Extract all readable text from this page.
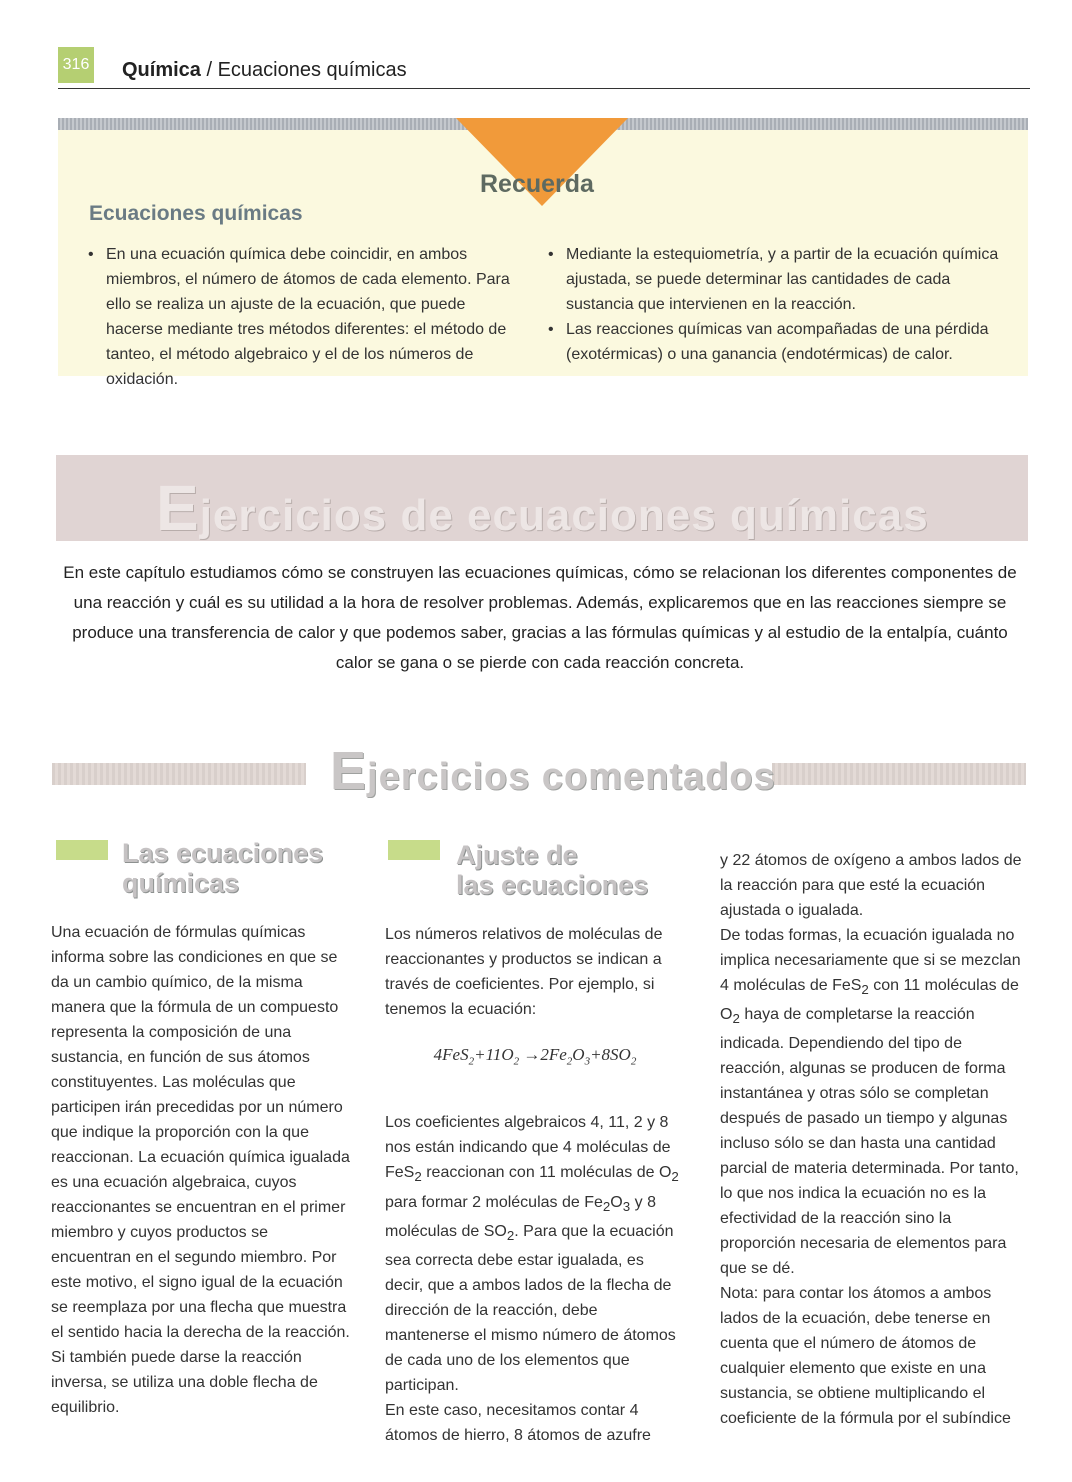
316 Química / Ecuaciones químicas
Recuerda
Ecuaciones químicas
• En una ecuación química debe coincidir, en ambos miembros, el número de átomos de cada elemento. Para ello se realiza un ajuste de la ecuación, que puede hacerse mediante tres métodos diferentes: el método de tanteo, el método algebraico y el de los números de oxidación.
• Mediante la estequiometría, y a partir de la ecuación química ajustada, se puede determinar las cantidades de cada sustancia que intervienen en la reacción.
• Las reacciones químicas van acompañadas de una pérdida (exotérmicas) o una ganancia (endotérmicas) de calor.
Ejercicios de ecuaciones químicas
En este capítulo estudiamos cómo se construyen las ecuaciones químicas, cómo se relacionan los diferentes componentes de una reacción y cuál es su utilidad a la hora de resolver problemas. Además, explicaremos que en las reacciones siempre se produce una transferencia de calor y que podemos saber, gracias a las fórmulas químicas y al estudio de la entalpía, cuánto calor se gana o se pierde con cada reacción concreta.
Ejercicios comentados
Las ecuaciones
químicas

Una ecuación de fórmulas químicas informa sobre las condiciones en que se da un cambio químico, de la misma manera que la fórmula de un compuesto representa la composición de una sustancia, en función de sus átomos constituyentes. Las moléculas que participen irán precedidas por un número que indique la proporción con la que reaccionan. La ecuación química igualada es una ecuación algebraica, cuyos reaccionantes se encuentran en el primer miembro y cuyos productos se encuentran en el segundo miembro. Por este motivo, el signo igual de la ecuación se reemplaza por una flecha que muestra el sentido hacia la derecha de la reacción. Si también puede darse la reacción inversa, se utiliza una doble flecha de equilibrio.

Ajuste de
las ecuaciones

Los números relativos de moléculas de reaccionantes y productos se indican a través de coeficientes. Por ejemplo, si tenemos la ecuación:

$4FeS_2+11O_2 \to 2Fe_2O_3+8SO_2$

Los coeficientes algebraicos 4, 11, 2 y 8 nos están indicando que 4 moléculas de FeS$_2$ reaccionan con 11 moléculas de $O_2$ para formar 2 moléculas de $Fe_2O_3$ y 8 moléculas de $SO_2$. Para que la ecuación sea correcta debe estar igualada, es decir, que a ambos lados de la flecha de dirección de la reacción, debe mantenerse el mismo número de átomos de cada uno de los elementos que participan.

En este caso, necesitamos contar 4 átomos de hierro, 8 átomos de azufre

y 22 átomos de oxígeno a ambos lados de la reacción para que esté la ecuación ajustada o igualada.

De todas formas, la ecuación igualada no implica necesariamente que si se mezclan 4 moléculas de FeS$_2$ con 11 moléculas de $O_2$ haya de completarse la reacción indicada. Dependiendo del tipo de reacción, algunas se producen de forma instantánea y otras sólo se completan después de pasado un tiempo y algunas incluso sólo se dan hasta una cantidad parcial de materia determinada. Por tanto, lo que nos indica la ecuación no es la efectividad de la reacción sino la proporción necesaria de elementos para que se dé.

Nota: para contar los átomos a ambos lados de la ecuación, debe tenerse en cuenta que el número de átomos de cualquier elemento que existe en una sustancia, se obtiene multiplicando el coeficiente de la fórmula por el subíndice
